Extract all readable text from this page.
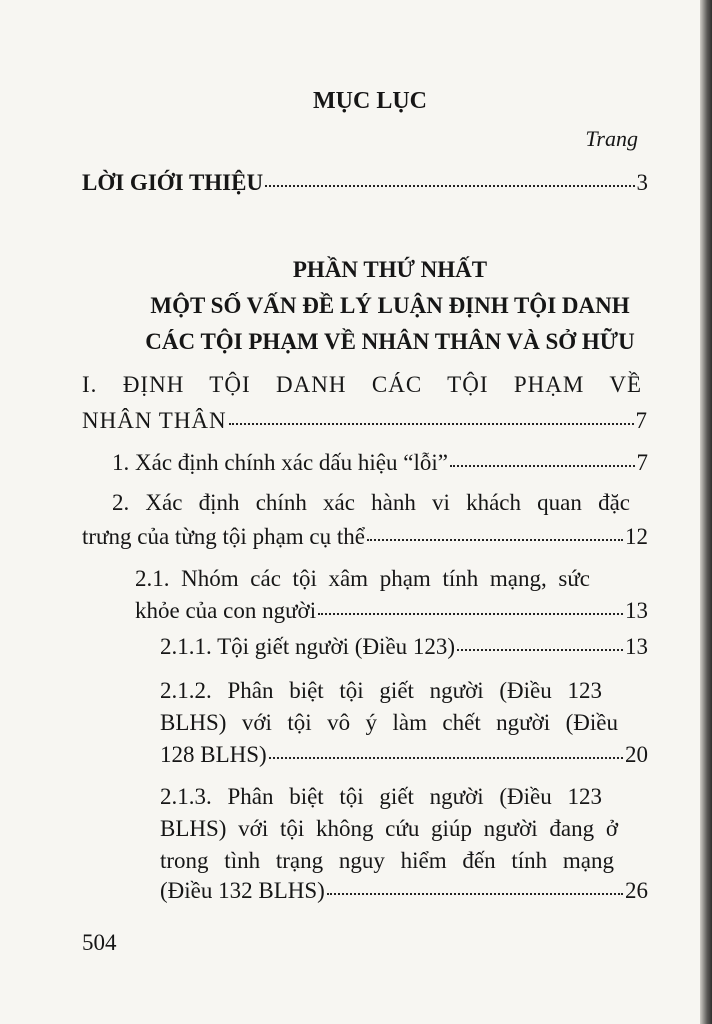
MỤC LỤC
Trang
LỜI GIỚI THIỆU	3
PHẦN THỨ NHẤT
MỘT SỐ VẤN ĐỀ LÝ LUẬN ĐỊNH TỘI DANH
CÁC TỘI PHẠM VỀ NHÂN THÂN VÀ SỞ HỮU
I. ĐỊNH TỘI DANH CÁC TỘI PHẠM VỀ
NHÂN THÂN	7
1. Xác định chính xác dấu hiệu “lỗi”	7
2. Xác định chính xác hành vi khách quan đặc
trưng của từng tội phạm cụ thể	12
2.1. Nhóm các tội xâm phạm tính mạng, sức
khỏe của con người	13
2.1.1. Tội giết người (Điều 123)	13
2.1.2. Phân biệt tội giết người (Điều 123
BLHS) với tội vô ý làm chết người (Điều
128 BLHS)	20
2.1.3. Phân biệt tội giết người (Điều 123
BLHS) với tội không cứu giúp người đang ở
trong tình trạng nguy hiểm đến tính mạng
(Điều 132 BLHS)	26
504
